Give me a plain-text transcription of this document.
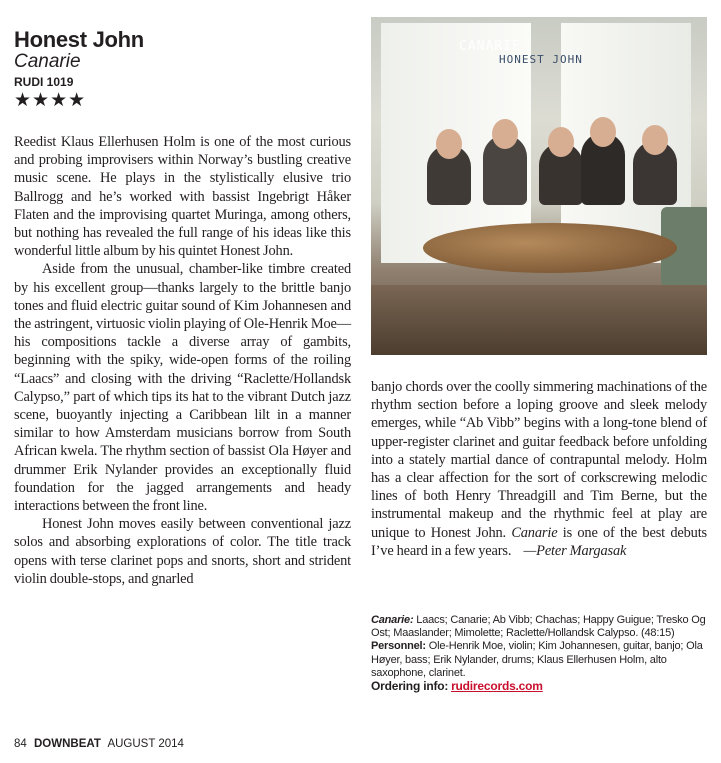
Honest John
Canarie
RUDI 1019
★★★★

Reedist Klaus Ellerhusen Holm is one of the most curious and probing improvisers within Norway’s bustling creative music scene. He plays in the stylistically elusive trio Ballrogg and he’s worked with bassist Ingebrigt Håker Flaten and the improvising quartet Muringa, among others, but nothing has revealed the full range of his ideas like this wonderful little album by his quintet Honest John.

Aside from the unusual, chamber-like timbre created by his excellent group—thanks largely to the brittle banjo tones and fluid electric guitar sound of Kim Johannesen and the astringent, virtuosic violin playing of Ole-Henrik Moe—his compositions tackle a diverse array of gambits, beginning with the spiky, wide-open forms of the roiling “Laacs” and closing with the driving “Raclette/Hollandsk Calypso,” part of which tips its hat to the vibrant Dutch jazz scene, buoyantly injecting a Caribbean lilt in a manner similar to how Amsterdam musicians borrow from South African kwela. The rhythm section of bassist Ola Høyer and drummer Erik Nylander provides an exceptionally fluid foundation for the jagged arrangements and heady interactions between the front line.

Honest John moves easily between conventional jazz solos and absorbing explorations of color. The title track opens with terse clarinet pops and snorts, short and strident violin double-stops, and gnarled

CANARIE
HONEST JOHN

banjo chords over the coolly simmering machinations of the rhythm section before a loping groove and sleek melody emerges, while “Ab Vibb” begins with a long-tone blend of upper-register clarinet and guitar feedback before unfolding into a stately martial dance of contrapuntal melody. Holm has a clear affection for the sort of corkscrewing melodic lines of both Henry Threadgill and Tim Berne, but the instrumental makeup and the rhythmic feel at play are unique to Honest John. Canarie is one of the best debuts I’ve heard in a few years. —Peter Margasak

Canarie: Laacs; Canarie; Ab Vibb; Chachas; Happy Guigue; Tresko Og Ost; Maaslander; Mimolette; Raclette/Hollandsk Calypso. (48:15)

Personnel: Ole-Henrik Moe, violin; Kim Johannesen, guitar, banjo; Ola Høyer, bass; Erik Nylander, drums; Klaus Ellerhusen Holm, alto saxophone, clarinet.

Ordering info: rudirecords.com

84 DOWNBEAT AUGUST 2014
